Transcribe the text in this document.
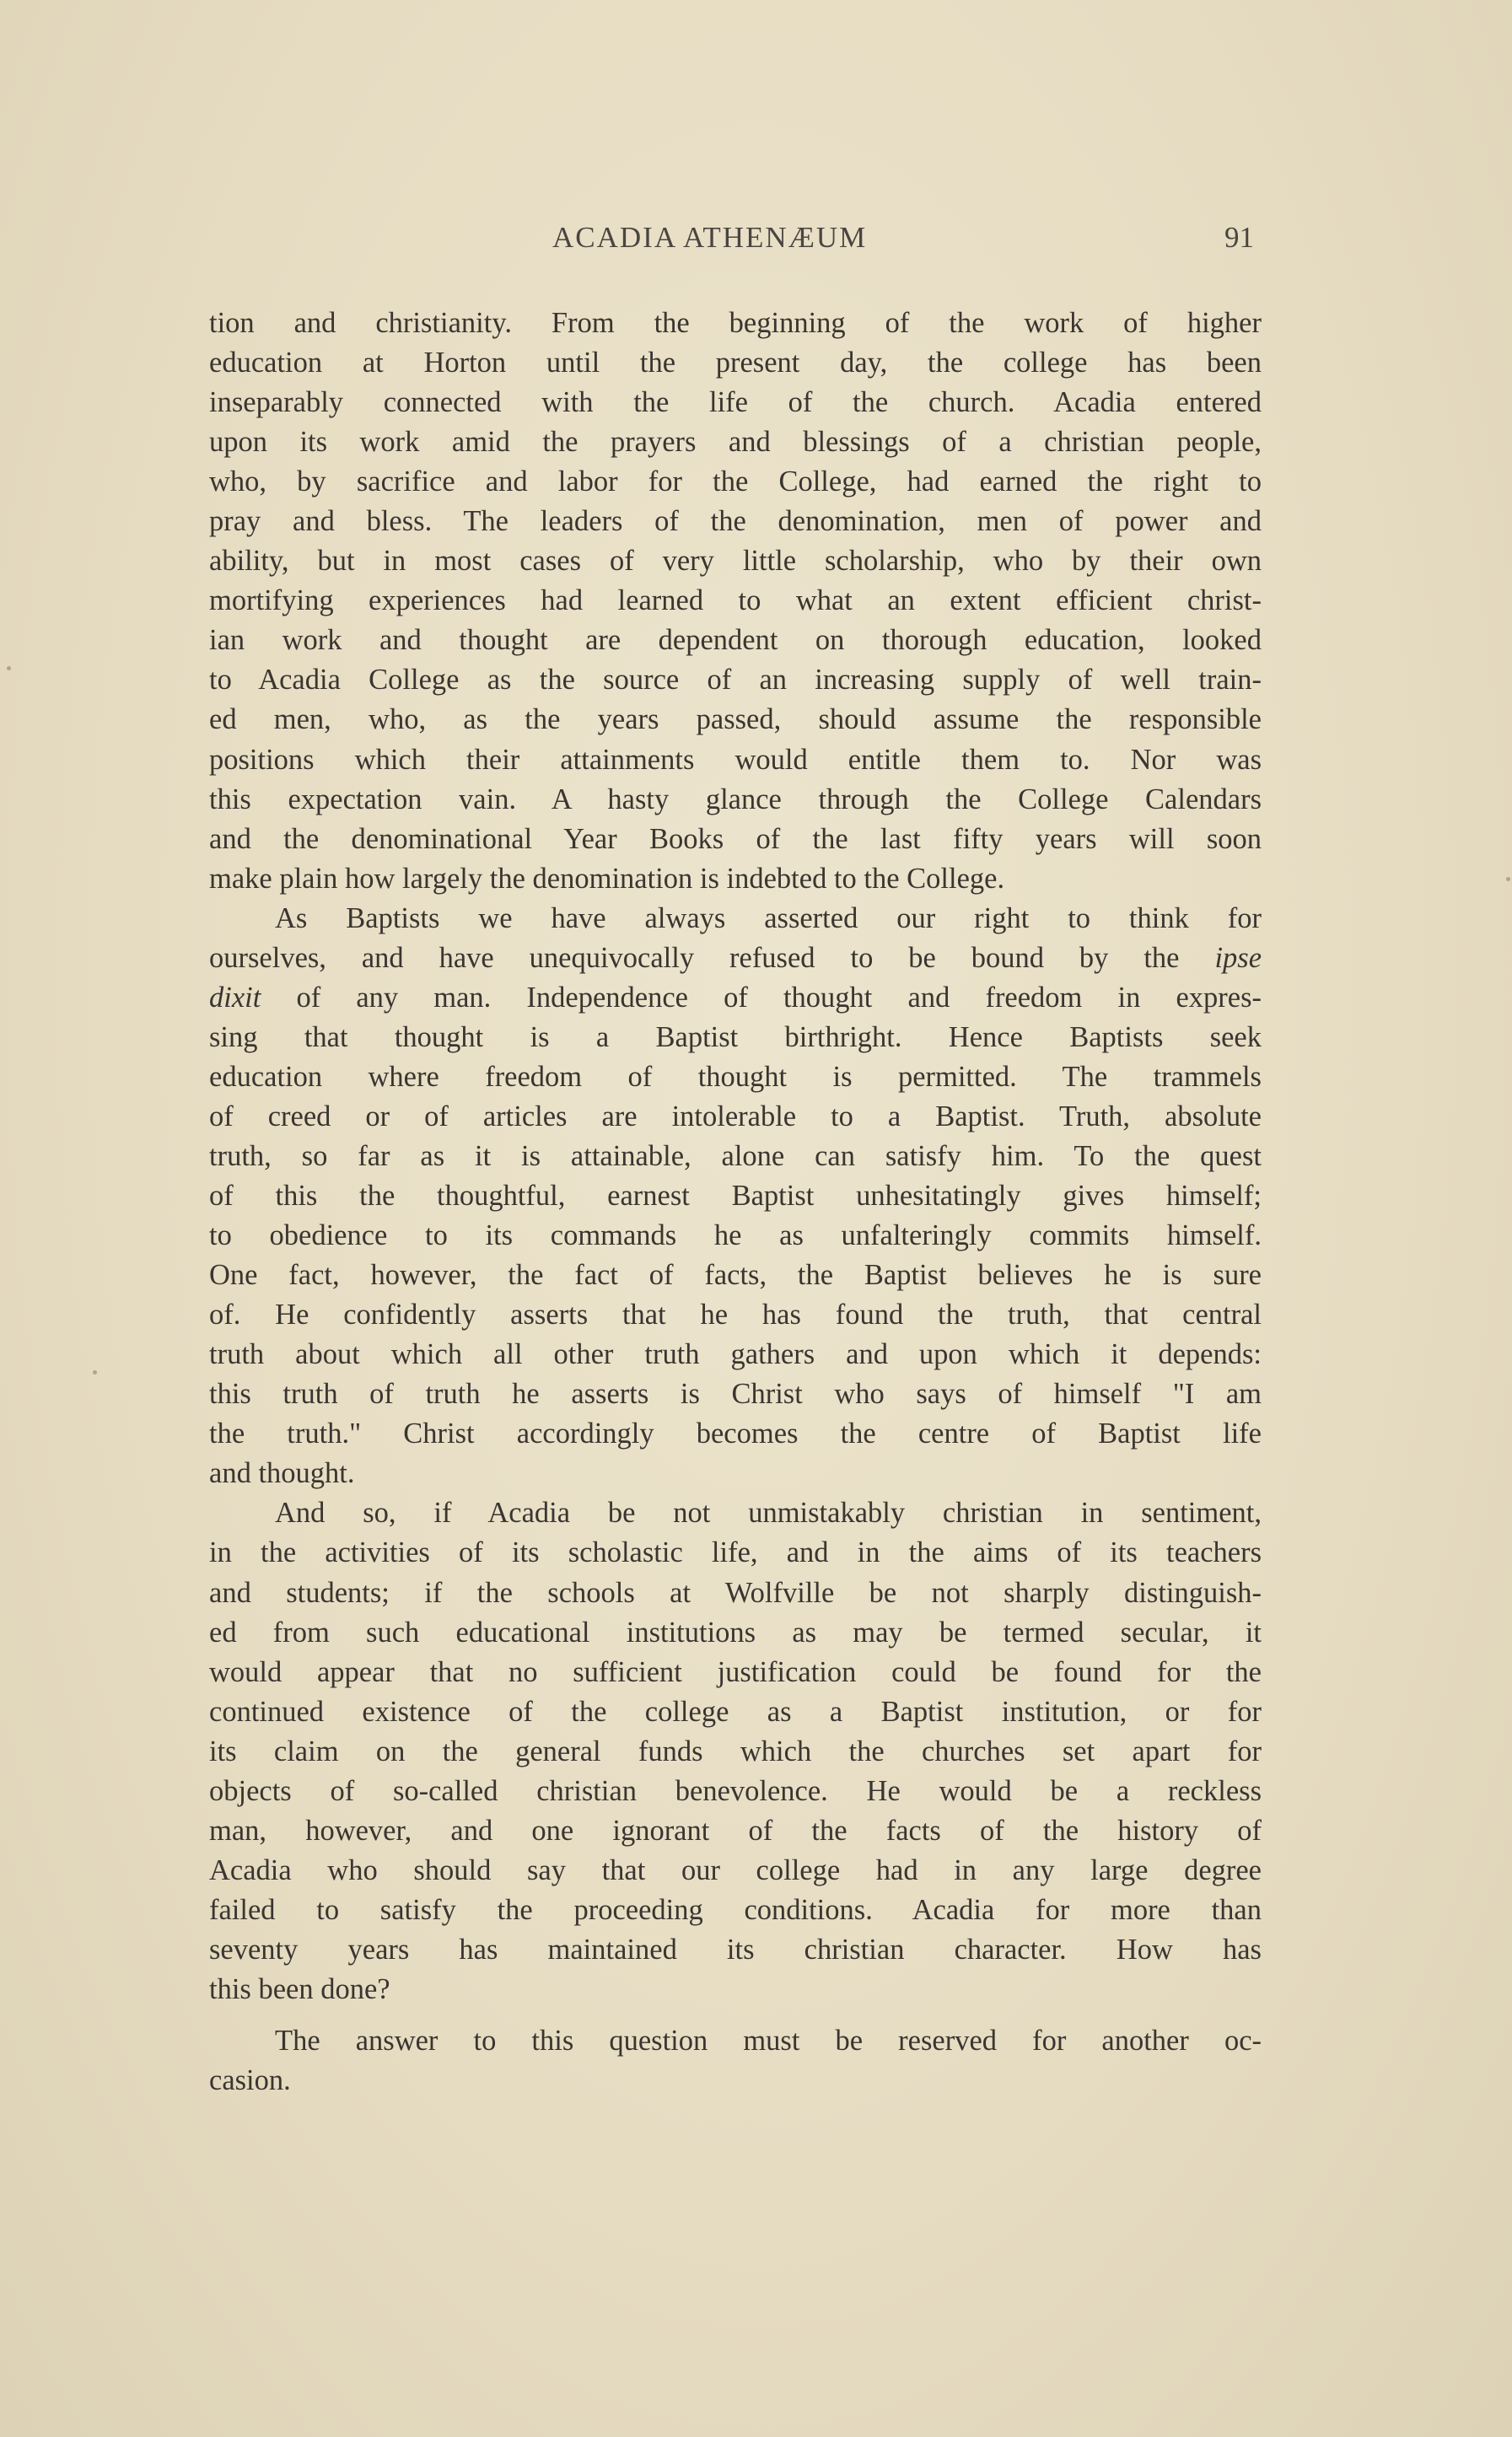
ACADIA ATHENÆUM	91
tion and christianity. From the beginning of the work of higher
education at Horton until the present day, the college has been
inseparably connected with the life of the church. Acadia entered
upon its work amid the prayers and blessings of a christian people,
who, by sacrifice and labor for the College, had earned the right to
pray and bless. The leaders of the denomination, men of power and
ability, but in most cases of very little scholarship, who by their own
mortifying experiences had learned to what an extent efficient christ-
ian work and thought are dependent on thorough education, looked
to Acadia College as the source of an increasing supply of well train-
ed men, who, as the years passed, should assume the responsible
positions which their attainments would entitle them to. Nor was
this expectation vain. A hasty glance through the College Calendars
and the denominational Year Books of the last fifty years will soon
make plain how largely the denomination is indebted to the College.
As Baptists we have always asserted our right to think for
ourselves, and have unequivocally refused to be bound by the ipse
dixit of any man. Independence of thought and freedom in expres-
sing that thought is a Baptist birthright. Hence Baptists seek
education where freedom of thought is permitted. The trammels
of creed or of articles are intolerable to a Baptist. Truth, absolute
truth, so far as it is attainable, alone can satisfy him. To the quest
of this the thoughtful, earnest Baptist unhesitatingly gives himself;
to obedience to its commands he as unfalteringly commits himself.
One fact, however, the fact of facts, the Baptist believes he is sure
of. He confidently asserts that he has found the truth, that central
truth about which all other truth gathers and upon which it depends:
this truth of truth he asserts is Christ who says of himself "I am
the truth." Christ accordingly becomes the centre of Baptist life
and thought.
And so, if Acadia be not unmistakably christian in sentiment,
in the activities of its scholastic life, and in the aims of its teachers
and students; if the schools at Wolfville be not sharply distinguish-
ed from such educational institutions as may be termed secular, it
would appear that no sufficient justification could be found for the
continued existence of the college as a Baptist institution, or for
its claim on the general funds which the churches set apart for
objects of so-called christian benevolence. He would be a reckless
man, however, and one ignorant of the facts of the history of
Acadia who should say that our college had in any large degree
failed to satisfy the proceeding conditions. Acadia for more than
seventy years has maintained its christian character. How has
this been done?
The answer to this question must be reserved for another oc-
casion.
